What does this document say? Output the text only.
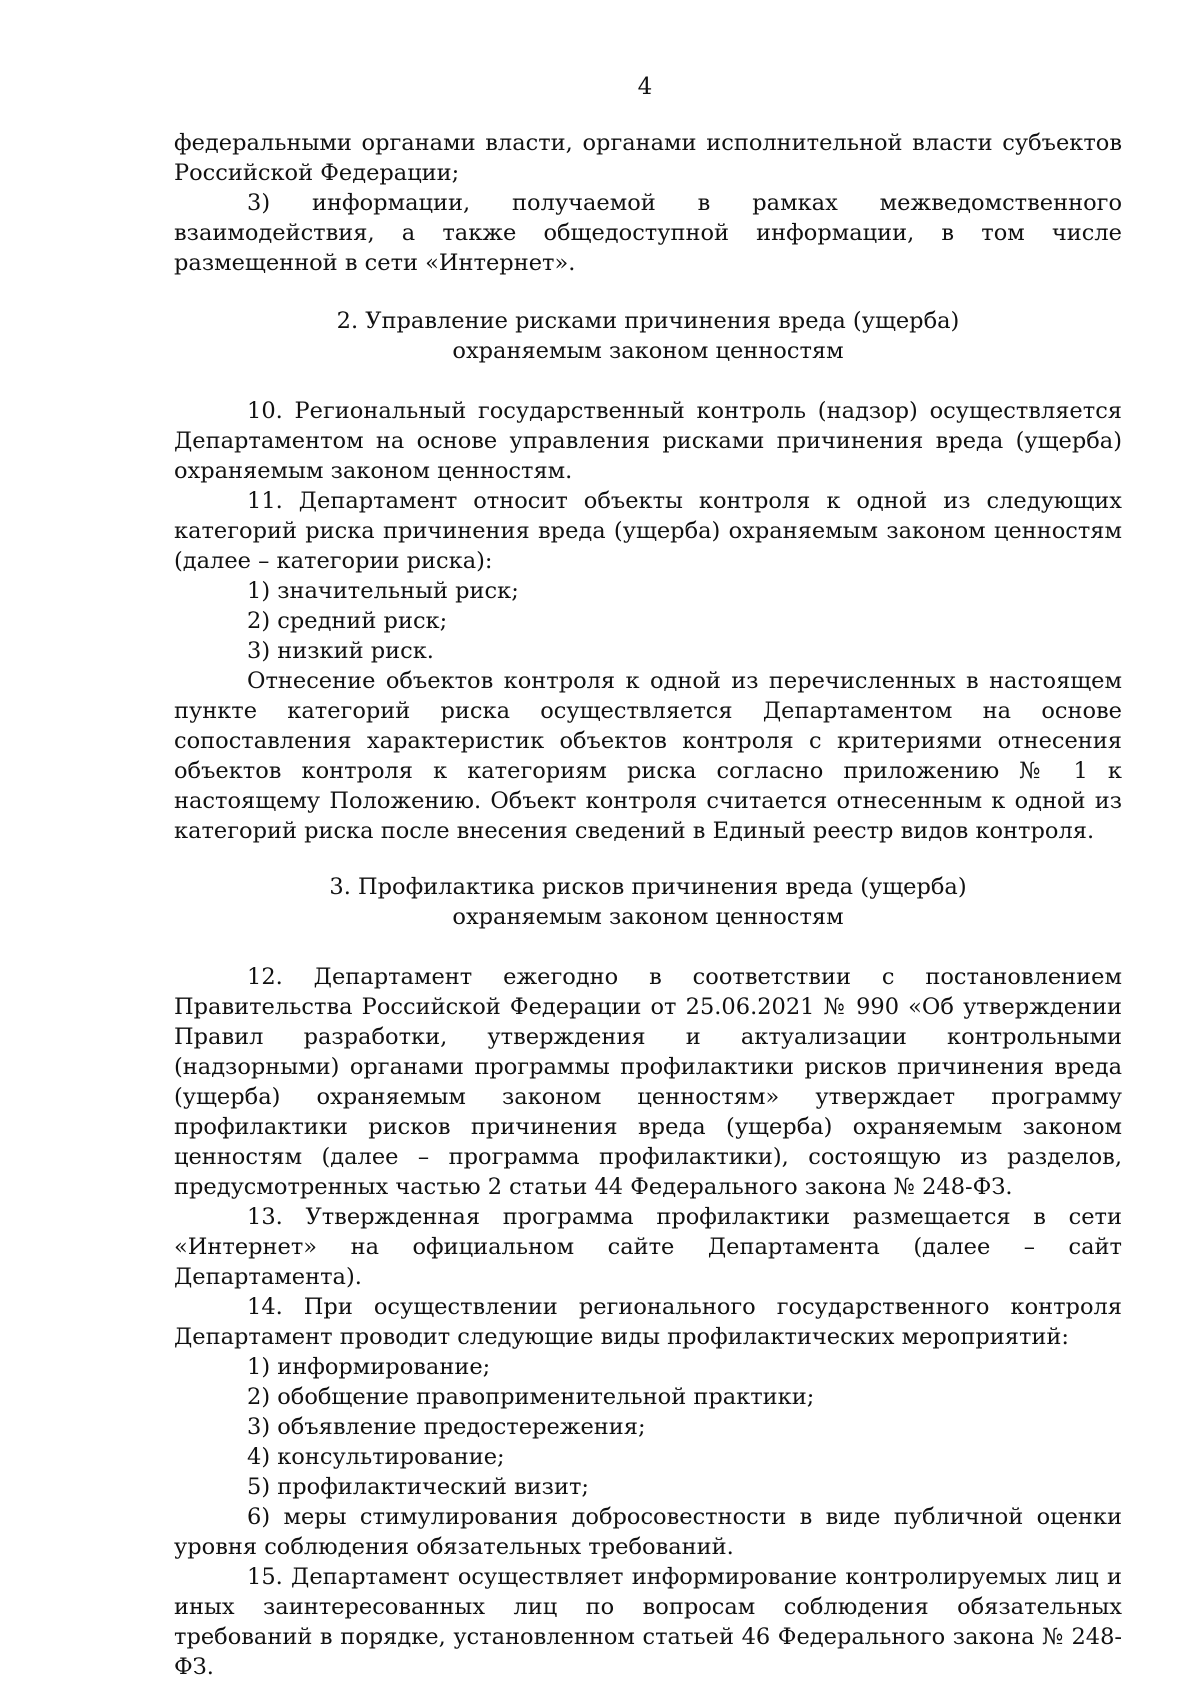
4

федеральными органами власти, органами исполнительной власти субъектов Российской Федерации;

3) информации, получаемой в рамках межведомственного взаимодействия, а также общедоступной информации, в том числе размещенной в сети «Интернет».

2. Управление рисками причинения вреда (ущерба)

охраняемым законом ценностям

10. Региональный государственный контроль (надзор) осуществляется Департаментом на основе управления рисками причинения вреда (ущерба) охраняемым законом ценностям.

11. Департамент относит объекты контроля к одной из следующих категорий риска причинения вреда (ущерба) охраняемым законом ценностям (далее – категории риска):

1) значительный риск;

2) средний риск;

3) низкий риск.

Отнесение объектов контроля к одной из перечисленных в настоящем пункте категорий риска осуществляется Департаментом на основе сопоставления характеристик объектов контроля с критериями отнесения объектов контроля к категориям риска согласно приложению № 1 к настоящему Положению. Объект контроля считается отнесенным к одной из категорий риска после внесения сведений в Единый реестр видов контроля.

3. Профилактика рисков причинения вреда (ущерба)

охраняемым законом ценностям

12. Департамент ежегодно в соответствии с постановлением Правительства Российской Федерации от 25.06.2021 № 990 «Об утверждении Правил разработки, утверждения и актуализации контрольными (надзорными) органами программы профилактики рисков причинения вреда (ущерба) охраняемым законом ценностям» утверждает программу профилактики рисков причинения вреда (ущерба) охраняемым законом ценностям (далее – программа профилактики), состоящую из разделов, предусмотренных частью 2 статьи 44 Федерального закона № 248-ФЗ.

13. Утвержденная программа профилактики размещается в сети «Интернет» на официальном сайте Департамента (далее – сайт Департамента).

14. При осуществлении регионального государственного контроля Департамент проводит следующие виды профилактических мероприятий:

1) информирование;

2) обобщение правоприменительной практики;

3) объявление предостережения;

4) консультирование;

5) профилактический визит;

6) меры стимулирования добросовестности в виде публичной оценки уровня соблюдения обязательных требований.

15. Департамент осуществляет информирование контролируемых лиц и иных заинтересованных лиц по вопросам соблюдения обязательных требований в порядке, установленном статьей 46 Федерального закона № 248-ФЗ.
